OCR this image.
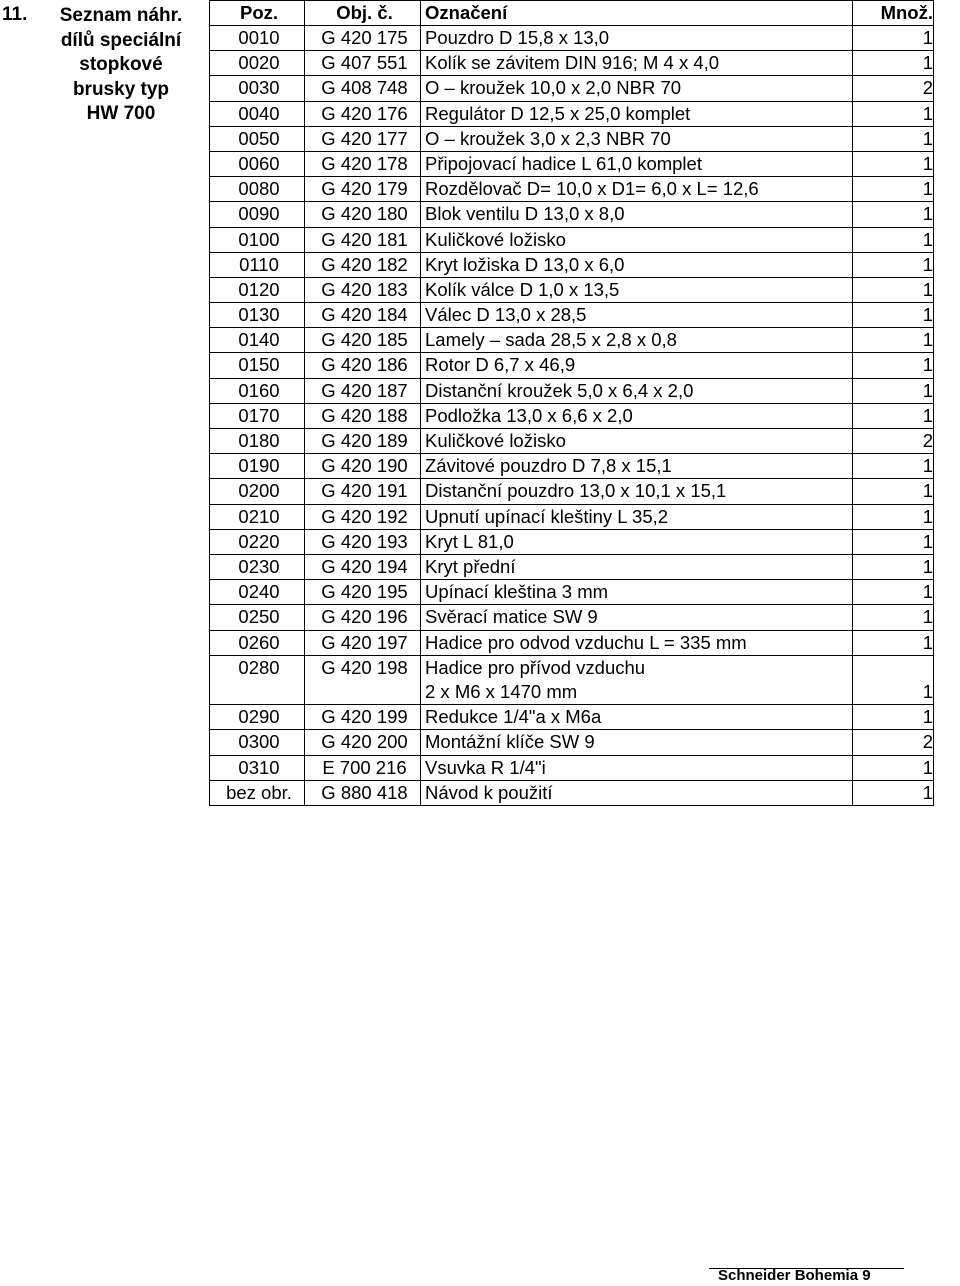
11.	Seznam náhr.
dílů speciální
stopkové
brusky typ
HW 700
Poz.	Obj. č.	Označení	Množ.
0010	G 420 175	Pouzdro D 15,8 x 13,0	1
0020	G 407 551	Kolík se závitem DIN 916; M 4 x 4,0	1
0030	G 408 748	O – kroužek 10,0 x 2,0 NBR 70	2
0040	G 420 176	Regulátor D 12,5 x 25,0 komplet	1
0050	G 420 177	O – kroužek 3,0 x 2,3 NBR 70	1
0060	G 420 178	Připojovací hadice L 61,0 komplet	1
0080	G 420 179	Rozdělovač D= 10,0 x D1= 6,0 x L= 12,6	1
0090	G 420 180	Blok ventilu D 13,0 x 8,0	1
0100	G 420 181	Kuličkové ložisko	1
0110	G 420 182	Kryt ložiska D 13,0 x 6,0	1
0120	G 420 183	Kolík válce D 1,0 x 13,5	1
0130	G 420 184	Válec D 13,0 x 28,5	1
0140	G 420 185	Lamely – sada 28,5 x 2,8 x 0,8	1
0150	G 420 186	Rotor D 6,7 x 46,9	1
0160	G 420 187	Distanční kroužek 5,0 x 6,4 x 2,0	1
0170	G 420 188	Podložka 13,0 x 6,6 x 2,0	1
0180	G 420 189	Kuličkové ložisko	2
0190	G 420 190	Závitové pouzdro D 7,8 x 15,1	1
0200	G 420 191	Distanční pouzdro 13,0 x 10,1 x 15,1	1
0210	G 420 192	Upnutí upínací kleštiny L 35,2	1
0220	G 420 193	Kryt L 81,0	1
0230	G 420 194	Kryt přední	1
0240	G 420 195	Upínací kleština 3 mm	1
0250	G 420 196	Svěrací matice SW 9	1
0260	G 420 197	Hadice pro odvod vzduchu L = 335 mm	1
0280	G 420 198	Hadice pro přívod vzduchu
2 x M6 x 1470 mm	1
0290	G 420 199	Redukce 1/4"a x M6a	1
0300	G 420 200	Montážní klíče SW 9	2
0310	E 700 216	Vsuvka R 1/4"i	1
bez obr.	G 880 418	Návod k použití	1
Schneider Bohemia 9
